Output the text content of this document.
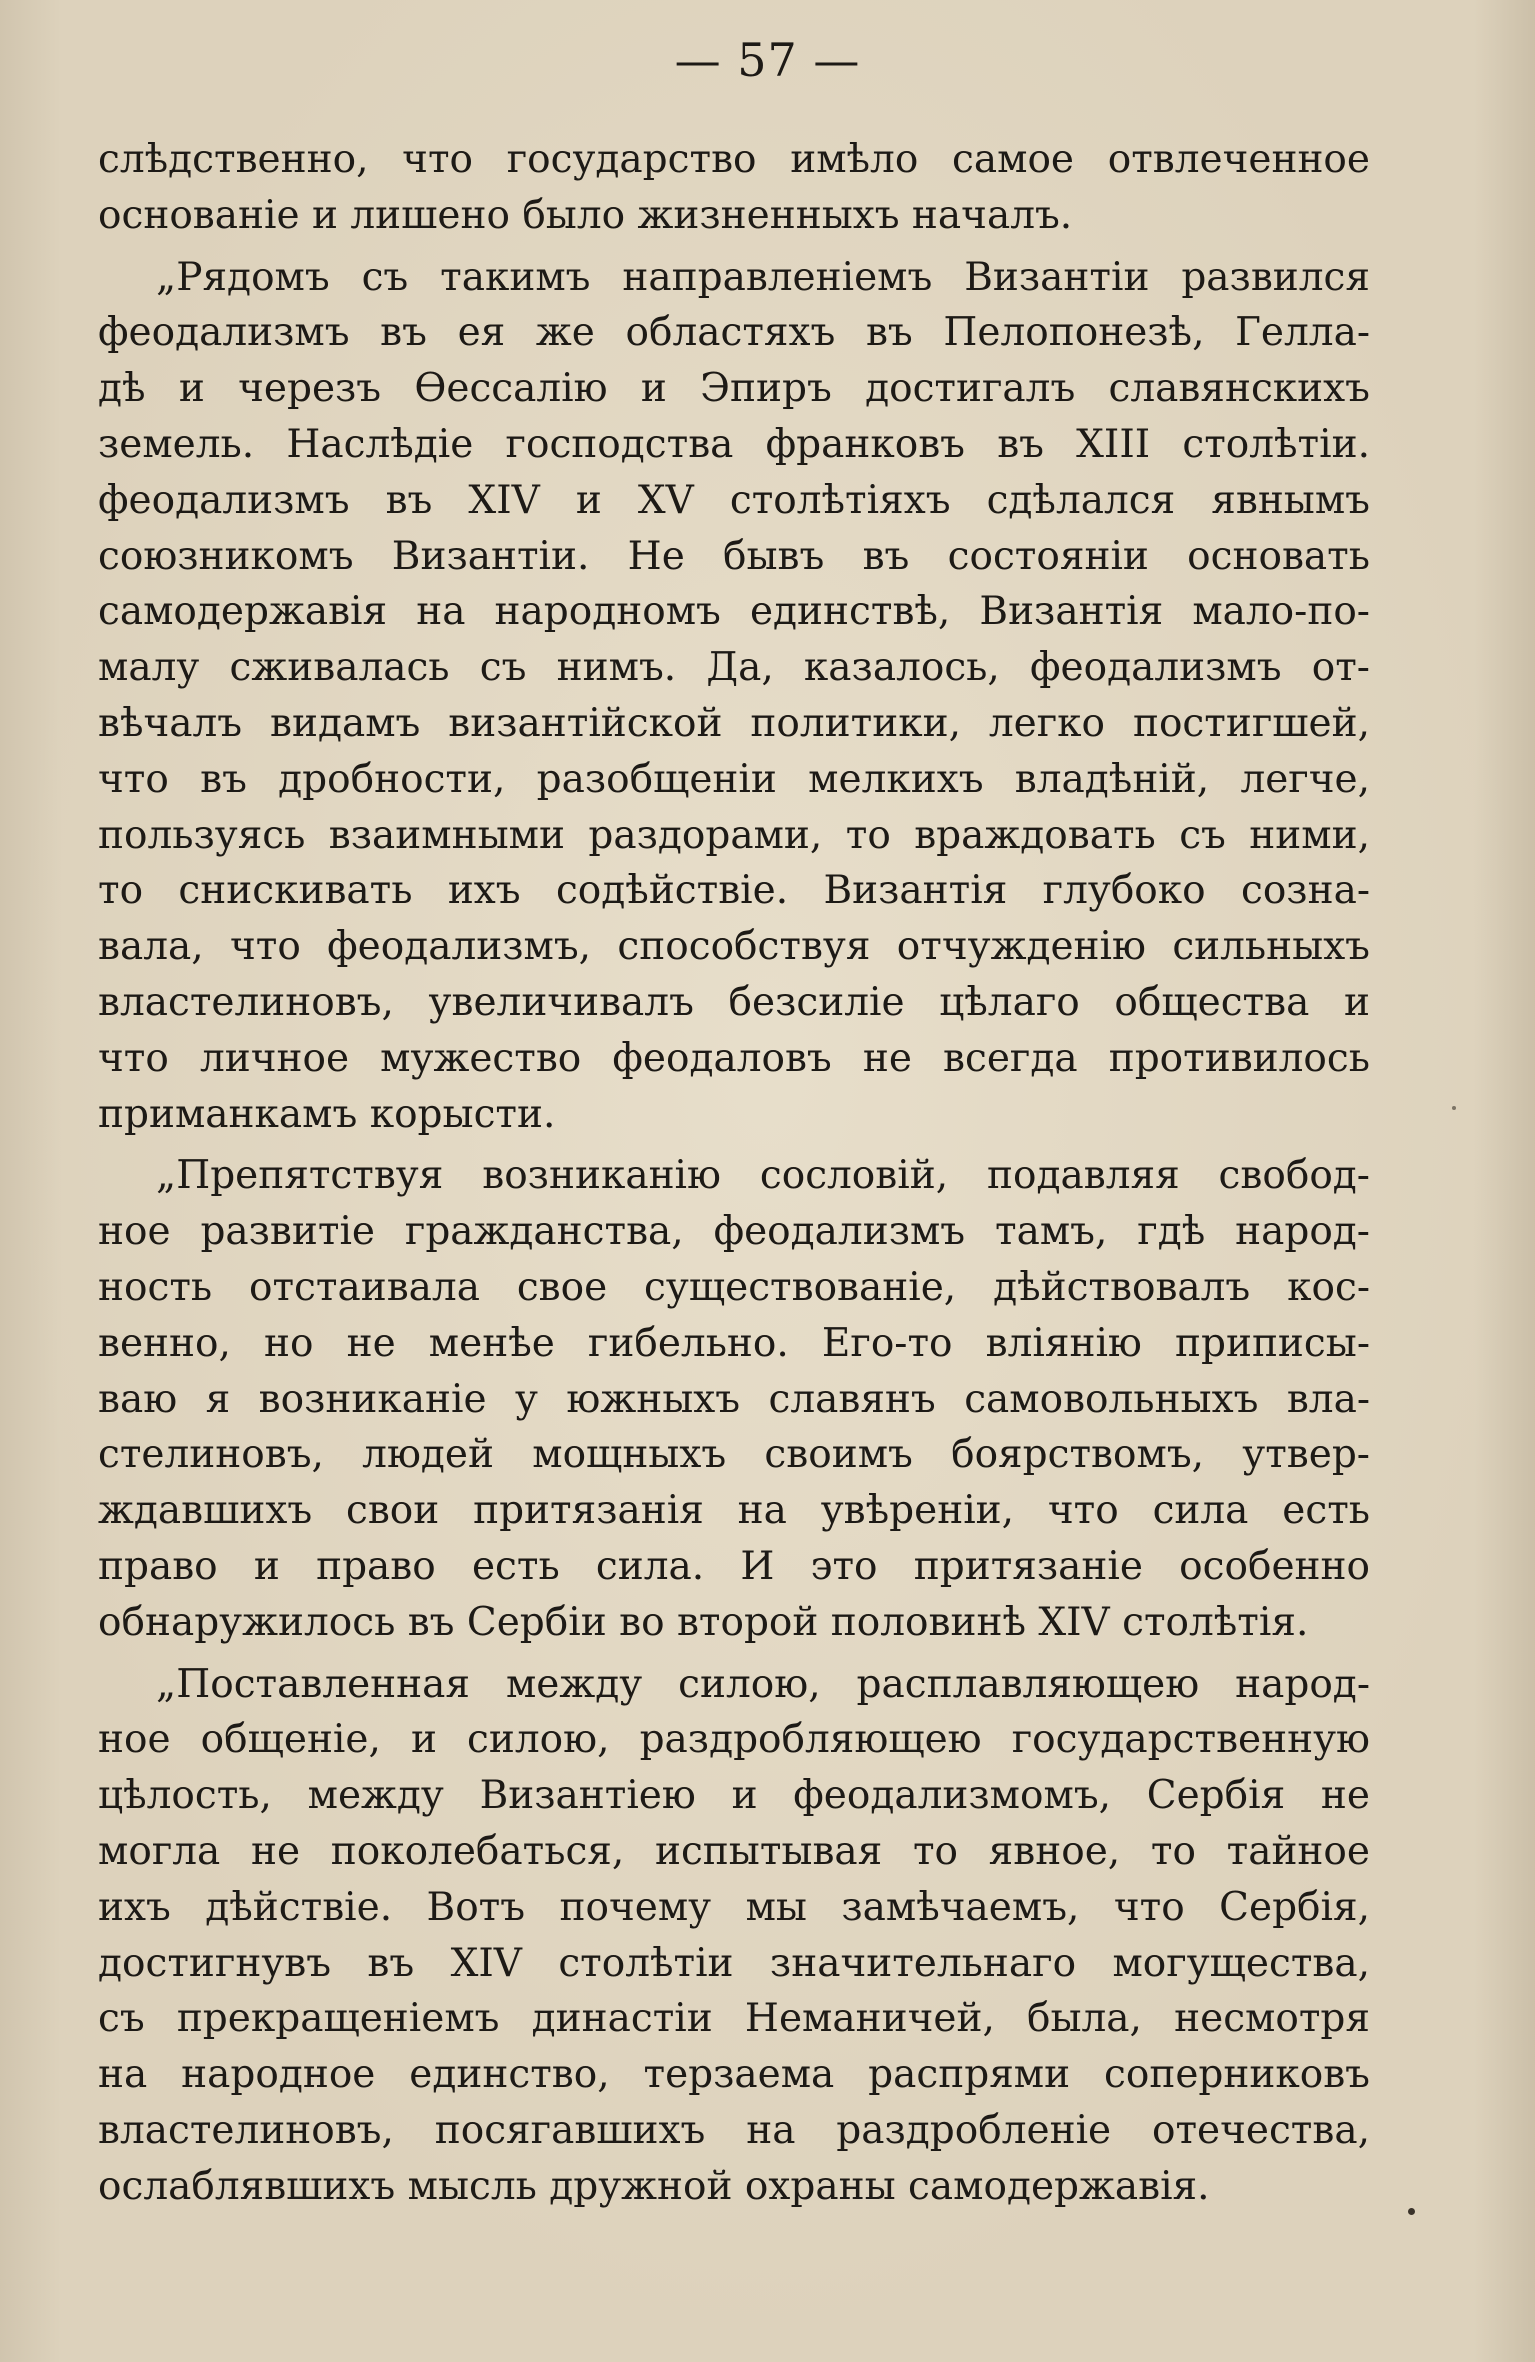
— 57 —
слѣдственно, что государство имѣло самое отвлеченное
основаніе и лишено было жизненныхъ началъ.
„Рядомъ съ такимъ направленіемъ Византіи развился
феодализмъ въ ея же областяхъ въ Пелопонезѣ, Гелла-
дѣ и черезъ Ѳессалію и Эпиръ достигалъ славянскихъ
земель. Наслѣдіе господства франковъ въ XIII столѣтіи.
феодализмъ въ XIV и XV столѣтіяхъ сдѣлался явнымъ
союзникомъ Византіи. Не бывъ въ состояніи основать
самодержавія на народномъ единствѣ, Византія мало-по-
малу сживалась съ нимъ. Да, казалось, феодализмъ от-
вѣчалъ видамъ византійской политики, легко постигшей,
что въ дробности, разобщеніи мелкихъ владѣній, легче,
пользуясь взаимными раздорами, то враждовать съ ними,
то снискивать ихъ содѣйствіе. Византія глубоко созна-
вала, что феодализмъ, способствуя отчужденію сильныхъ
властелиновъ, увеличивалъ безсиліе цѣлаго общества и
что личное мужество феодаловъ не всегда противилось
приманкамъ корысти.
„Препятствуя возниканію сословій, подавляя свобод-
ное развитіе гражданства, феодализмъ тамъ, гдѣ народ-
ность отстаивала свое существованіе, дѣйствовалъ кос-
венно, но не менѣе гибельно. Его-то вліянію приписы-
ваю я возниканіе у южныхъ славянъ самовольныхъ вла-
стелиновъ, людей мощныхъ своимъ боярствомъ, утвер-
ждавшихъ свои притязанія на увѣреніи, что сила есть
право и право есть сила. И это притязаніе особенно
обнаружилось въ Сербіи во второй половинѣ XIV столѣтія.
„Поставленная между силою, расплавляющею народ-
ное общеніе, и силою, раздробляющею государственную
цѣлость, между Византіею и феодализмомъ, Сербія не
могла не поколебаться, испытывая то явное, то тайное
ихъ дѣйствіе. Вотъ почему мы замѣчаемъ, что Сербія,
достигнувъ въ XIV столѣтіи значительнаго могущества,
съ прекращеніемъ династіи Неманичей, была, несмотря
на народное единство, терзаема распрями соперниковъ
властелиновъ, посягавшихъ на раздробленіе отечества,
ослаблявшихъ мысль дружной охраны самодержавія.
